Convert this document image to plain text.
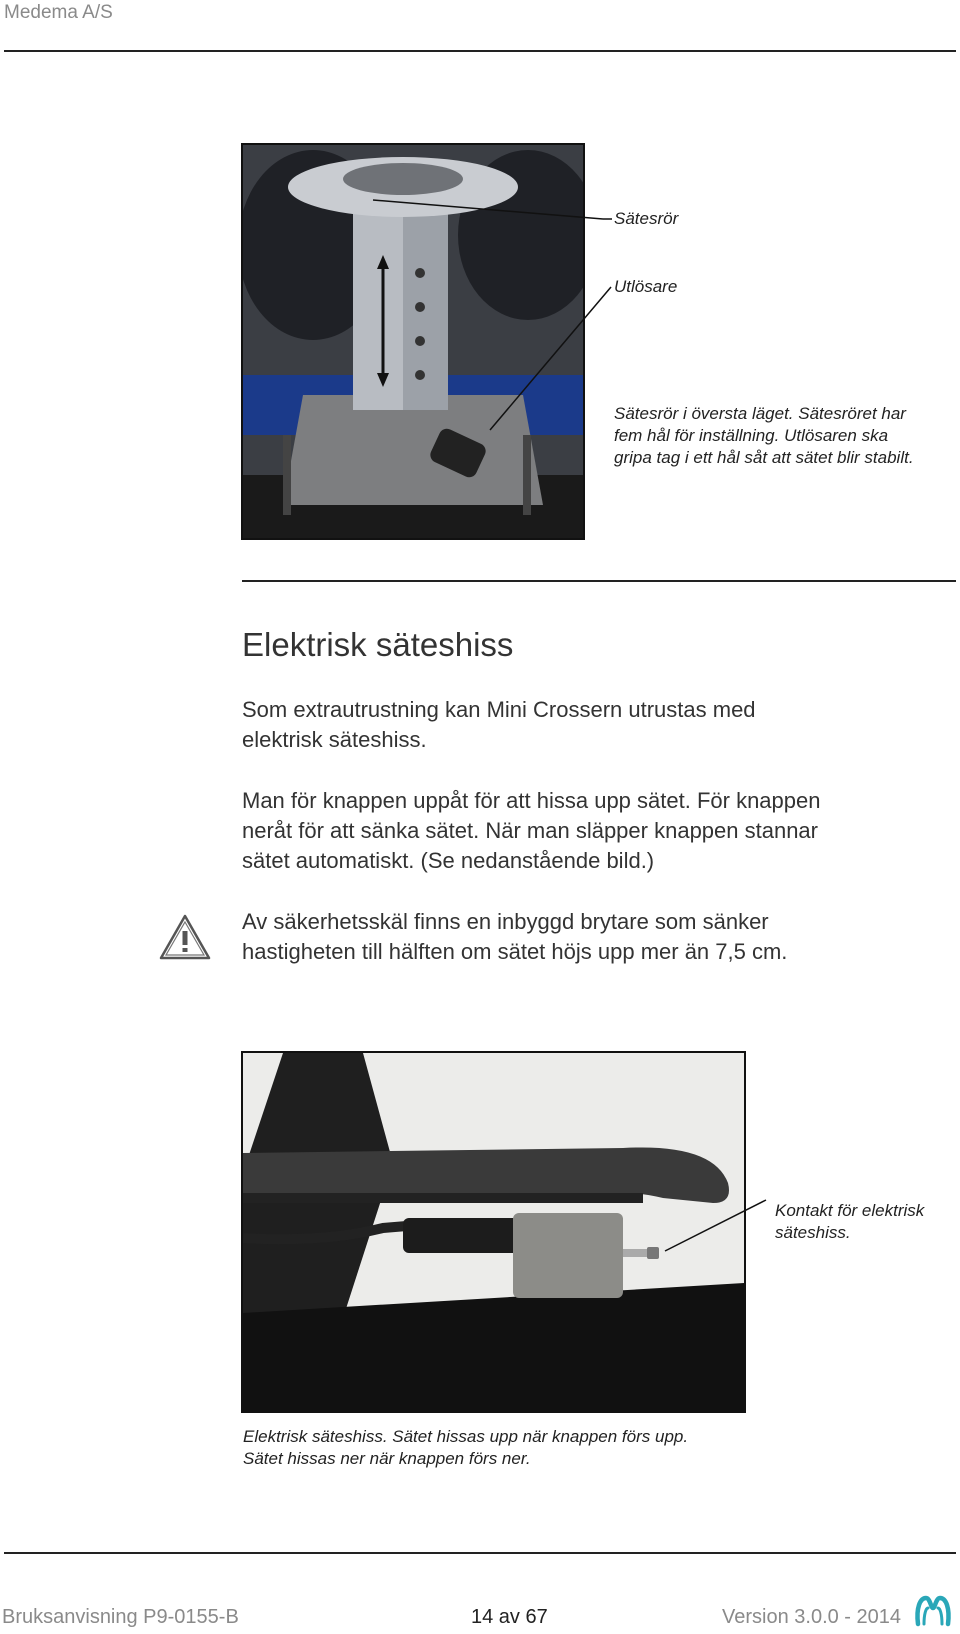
Medema A/S
Sätesrör
Utlösare
Sätesrör i översta läget. Sätesröret har
fem hål för inställning. Utlösaren ska
gripa tag i ett hål såt att sätet blir stabilt.
Elektrisk säteshiss
Som extrautrustning kan Mini Crossern utrustas med
elektrisk säteshiss.
Man för knappen uppåt för att hissa upp sätet. För knappen
neråt för att sänka sätet. När man släpper knappen stannar
sätet automatiskt. (Se nedanstående bild.)
Av säkerhetsskäl finns en inbyggd brytare som sänker
hastigheten till hälften om sätet höjs upp mer än 7,5 cm.
Kontakt för elektrisk
säteshiss.
Elektrisk säteshiss. Sätet hissas upp när knappen förs upp.
Sätet hissas ner när knappen förs ner.
Bruksanvisning P9-0155-B	14 av 67	Version 3.0.0 - 2014
